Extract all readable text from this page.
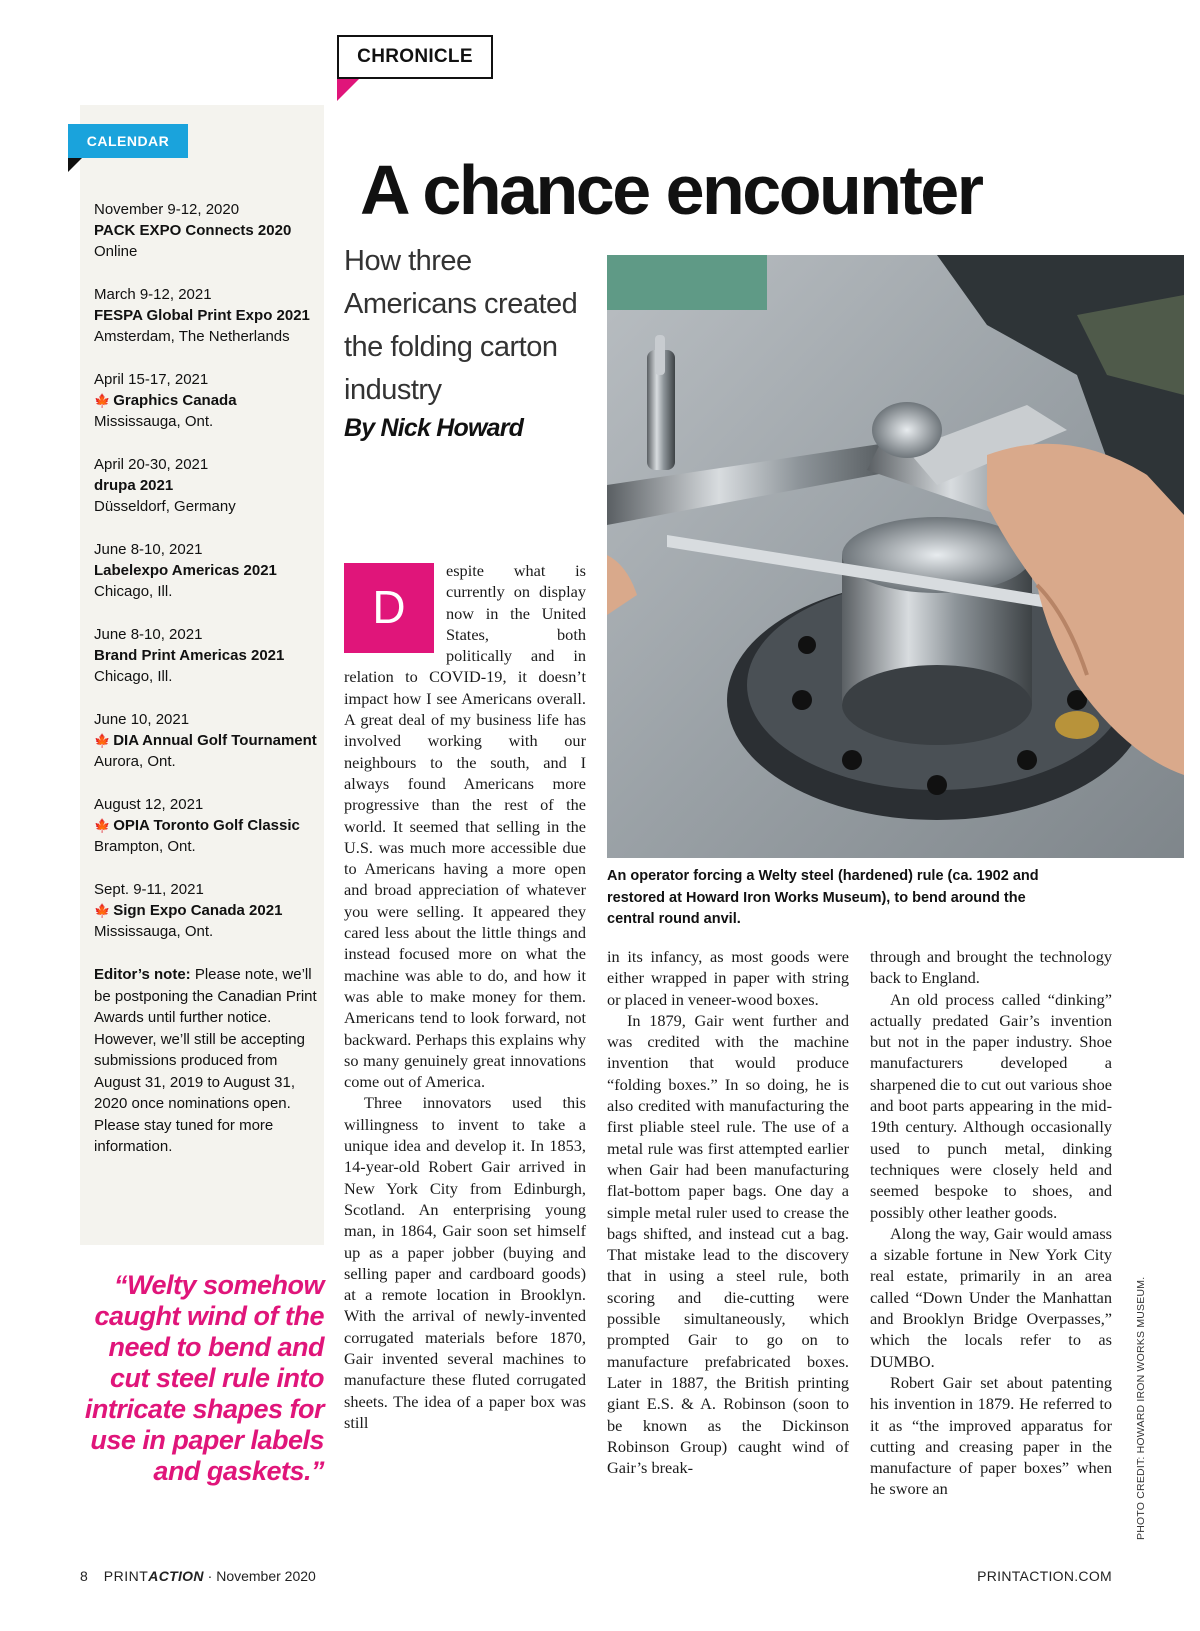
CHRONICLE
CALENDAR
November 9-12, 2020
PACK EXPO Connects 2020
Online
March 9-12, 2021
FESPA Global Print Expo 2021
Amsterdam, The Netherlands
April 15-17, 2021
🍁 Graphics Canada
Mississauga, Ont.
April 20-30, 2021
drupa 2021
Düsseldorf, Germany
June 8-10, 2021
Labelexpo Americas 2021
Chicago, Ill.
June 8-10, 2021
Brand Print Americas 2021
Chicago, Ill.
June 10, 2021
🍁 DIA Annual Golf Tournament
Aurora, Ont.
August 12, 2021
🍁 OPIA Toronto Golf Classic
Brampton, Ont.
Sept. 9-11, 2021
🍁 Sign Expo Canada 2021
Mississauga, Ont.
Editor’s note: Please note, we’ll be postponing the Canadian Print Awards until further notice. However, we’ll still be accepting submissions produced from August 31, 2019 to August 31, 2020 once nominations open. Please stay tuned for more information.
“Welty somehow caught wind of the need to bend and cut steel rule into intricate shapes for use in paper labels and gaskets.”
A chance encounter
How three Americans created the folding carton industry
By Nick Howard
An operator forcing a Welty steel (hardened) rule (ca. 1902 and restored at Howard Iron Works Museum), to bend around the central round anvil.
D

espite what is currently on display now in the United States, both politically and in relation to COVID-19, it doesn’t impact how I see Americans overall. A great deal of my business life has involved working with our neighbours to the south, and I always found Americans more progressive than the rest of the world. It seemed that selling in the U.S. was much more accessible due to Americans having a more open and broad appreciation of whatever you were selling. It appeared they cared less about the little things and instead focused more on what the machine was able to do, and how it was able to make money for them. Americans tend to look forward, not backward. Perhaps this explains why so many genuinely great innovations come out of America.

Three innovators used this willingness to invent to take a unique idea and develop it. In 1853, 14-year-old Robert Gair arrived in New York City from Edinburgh, Scotland. An enterprising young man, in 1864, Gair soon set himself up as a paper jobber (buying and selling paper and cardboard goods) at a remote location in Brooklyn. With the arrival of newly-invented corrugated materials before 1870, Gair invented several machines to manufacture these fluted corrugated sheets. The idea of a paper box was still

in its infancy, as most goods were either wrapped in paper with string or placed in veneer-wood boxes.

In 1879, Gair went further and was credited with the machine invention that would produce “folding boxes.” In so doing, he is also credited with manufacturing the first pliable steel rule. The use of a metal rule was first attempted earlier when Gair had been manufacturing flat-bottom paper bags. One day a simple metal ruler used to crease the bags shifted, and instead cut a bag. That mistake lead to the discovery that in using a steel rule, both scoring and die-cutting were possible simultaneously, which prompted Gair to go on to manufacture prefabricated boxes. Later in 1887, the British printing giant E.S. & A. Robinson (soon to be known as the Dickinson Robinson Group) caught wind of Gair’s break-

through and brought the technology back to England.

An old process called “dinking” actually predated Gair’s invention but not in the paper industry. Shoe manufacturers developed a sharpened die to cut out various shoe and boot parts appearing in the mid-19th century. Although occasionally used to punch metal, dinking techniques were closely held and seemed bespoke to shoes, and possibly other leather goods.

Along the way, Gair would amass a sizable fortune in New York City real estate, primarily in an area called “Down Under the Manhattan and Brooklyn Bridge Overpasses,” which the locals refer to as DUMBO.

Robert Gair set about patenting his invention in 1879. He referred to it as “the improved apparatus for cutting and creasing paper in the manufacture of paper boxes” when he swore an	PHOTO CREDIT: HOWARD IRON WORKS MUSEUM.
8 PRINTACTION · November 2020	PRINTACTION.COM
